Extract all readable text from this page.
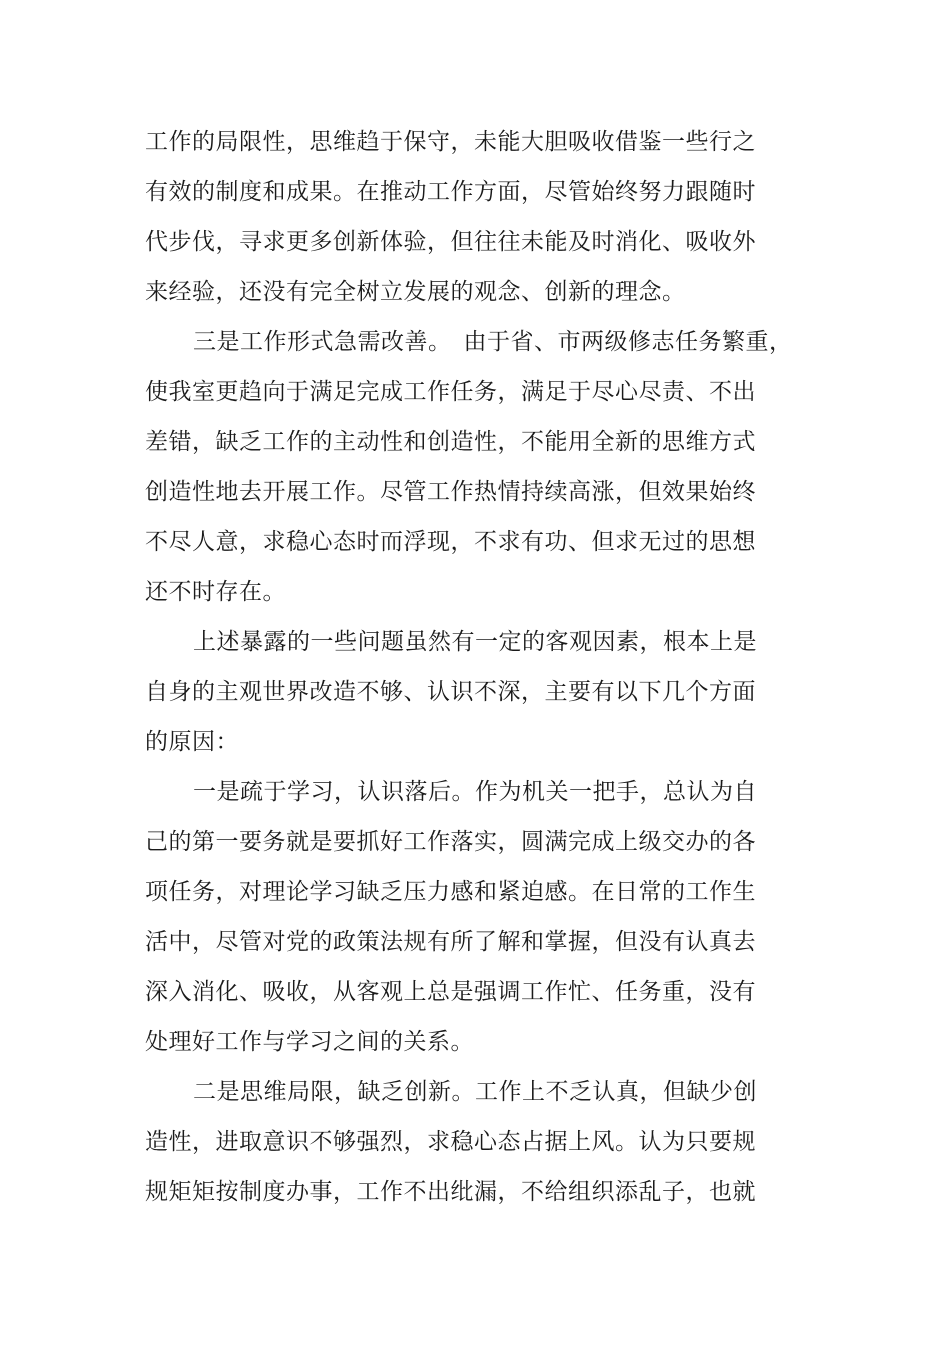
工作的局限性，思维趋于保守，未能大胆吸收借鉴一些行之
有效的制度和成果。在推动工作方面，尽管始终努力跟随时
代步伐，寻求更多创新体验，但往往未能及时消化、吸收外
来经验，还没有完全树立发展的观念、创新的理念。
三是工作形式急需改善。　由于省、市两级修志任务繁重，
使我室更趋向于满足完成工作任务，满足于尽心尽责、不出
差错，缺乏工作的主动性和创造性，不能用全新的思维方式
创造性地去开展工作。尽管工作热情持续高涨，但效果始终
不尽人意，求稳心态时而浮现，不求有功、但求无过的思想
还不时存在。
上述暴露的一些问题虽然有一定的客观因素，根本上是
自身的主观世界改造不够、认识不深，主要有以下几个方面
的原因：
一是疏于学习，认识落后。作为机关一把手，总认为自
己的第一要务就是要抓好工作落实，圆满完成上级交办的各
项任务，对理论学习缺乏压力感和紧迫感。在日常的工作生
活中，尽管对党的政策法规有所了解和掌握，但没有认真去
深入消化、吸收，从客观上总是强调工作忙、任务重，没有
处理好工作与学习之间的关系。
二是思维局限，缺乏创新。工作上不乏认真，但缺少创
造性，进取意识不够强烈，求稳心态占据上风。认为只要规
规矩矩按制度办事，工作不出纰漏，不给组织添乱子，也就
